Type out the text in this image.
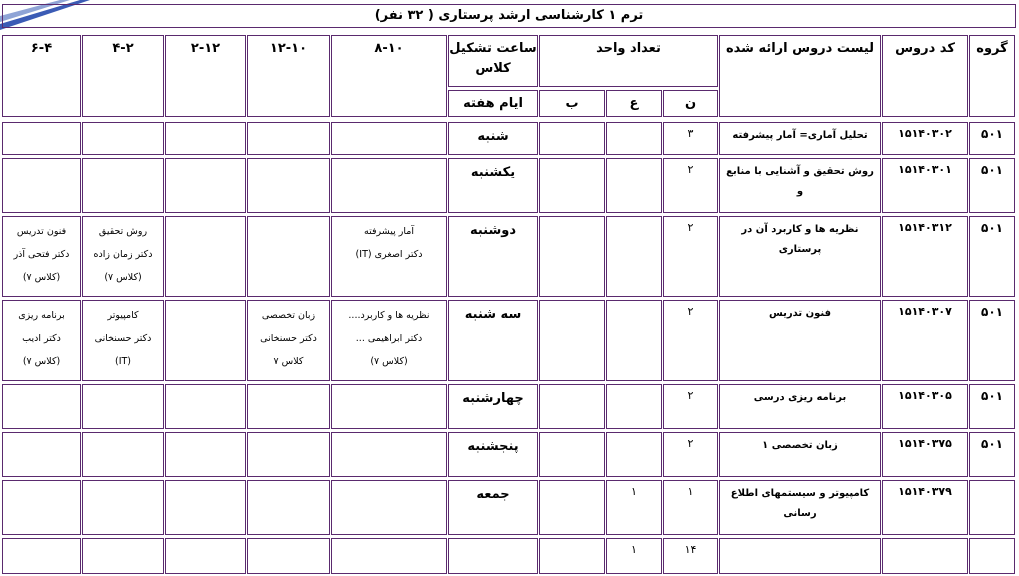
ترم ۱ کارشناسی ارشد پرستاری ( ۳۲ نفر)
گروه
کد دروس
لیست دروس ارائه شده
تعداد واحد
ن
ع
ب
ساعت تشکیل
کلاس
ایام هفته
۸-۱۰
۱۲-۱۰
۲-۱۲
۴-۲
۶-۴
۵۰۱
۱۵۱۴۰۳۰۲
تحلیل آماری= آمار پیشرفته
۳
شنبه
۵۰۱
۱۵۱۴۰۳۰۱
روش تحقیق و آشنایی با منابع و
۲
یکشنبه
۵۰۱
۱۵۱۴۰۳۱۲
نظریه ها و کاربرد آن در پرستاری
۲
دوشنبه
آمار پیشرفته
دکتر اصغری (IT)
روش تحقیق
دکتر زمان زاده
(کلاس ۷)
فنون تدریس
دکتر فتحی آذر
(کلاس ۷)
۵۰۱
۱۵۱۴۰۳۰۷
فنون تدریس
۲
سه شنبه
نظریه ها و کاربرد....
دکتر ابراهیمی ...
(کلاس ۷)
زبان تخصصی
دکتر حسنخانی
کلاس ۷
کامپیوتر
دکتر حسنخانی
(IT)
برنامه ریزی
دکتر ادیب
(کلاس ۷)
۵۰۱
۱۵۱۴۰۳۰۵
برنامه ریزی درسی
۲
چهارشنبه
۵۰۱
۱۵۱۴۰۳۷۵
زبان تخصصی ۱
۲
پنجشنبه
۱۵۱۴۰۳۷۹
کامپیوتر و سیستمهای اطلاع رسانی
۱
۱
جمعه
۱۴
۱
